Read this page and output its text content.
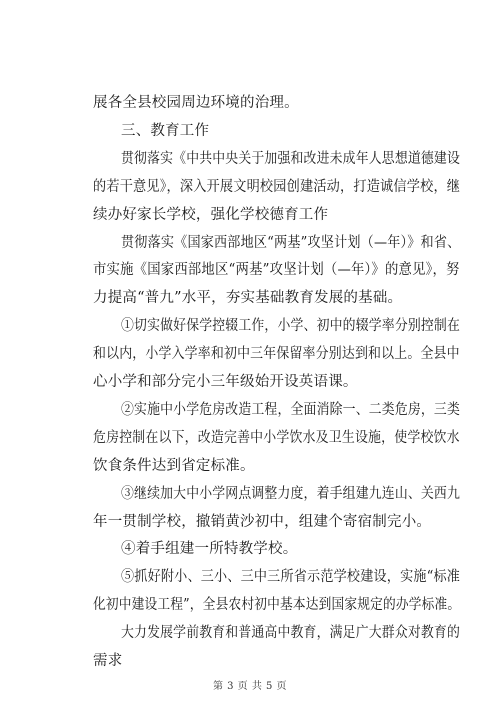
展各全县校园周边环境的治理。
三、教育工作
贯彻落实《中共中央关于加强和改进未成年人思想道德建设
的若干意见》，深入开展文明校园创建活动，打造诚信学校，继
续办好家长学校，强化学校德育工作
贯彻落实《国家西部地区“两基”攻坚计划（—年）》和省、
市实施《国家西部地区“两基”攻坚计划（—年）》的意见》，努
力提高“普九”水平，夯实基础教育发展的基础。
①切实做好保学控辍工作，小学、初中的辍学率分别控制在
和以内，小学入学率和初中三年保留率分别达到和以上。全县中
心小学和部分完小三年级始开设英语课。
②实施中小学危房改造工程，全面消除一、二类危房，三类
危房控制在以下，改造完善中小学饮水及卫生设施，使学校饮水
饮食条件达到省定标准。
③继续加大中小学网点调整力度，着手组建九连山、关西九
年一贯制学校，撤销黄沙初中，组建个寄宿制完小。
④着手组建一所特教学校。
⑤抓好附小、三小、三中三所省示范学校建设，实施“标准
化初中建设工程”，全县农村初中基本达到国家规定的办学标准。
大力发展学前教育和普通高中教育，满足广大群众对教育的
需求
第 3 页 共 5 页
